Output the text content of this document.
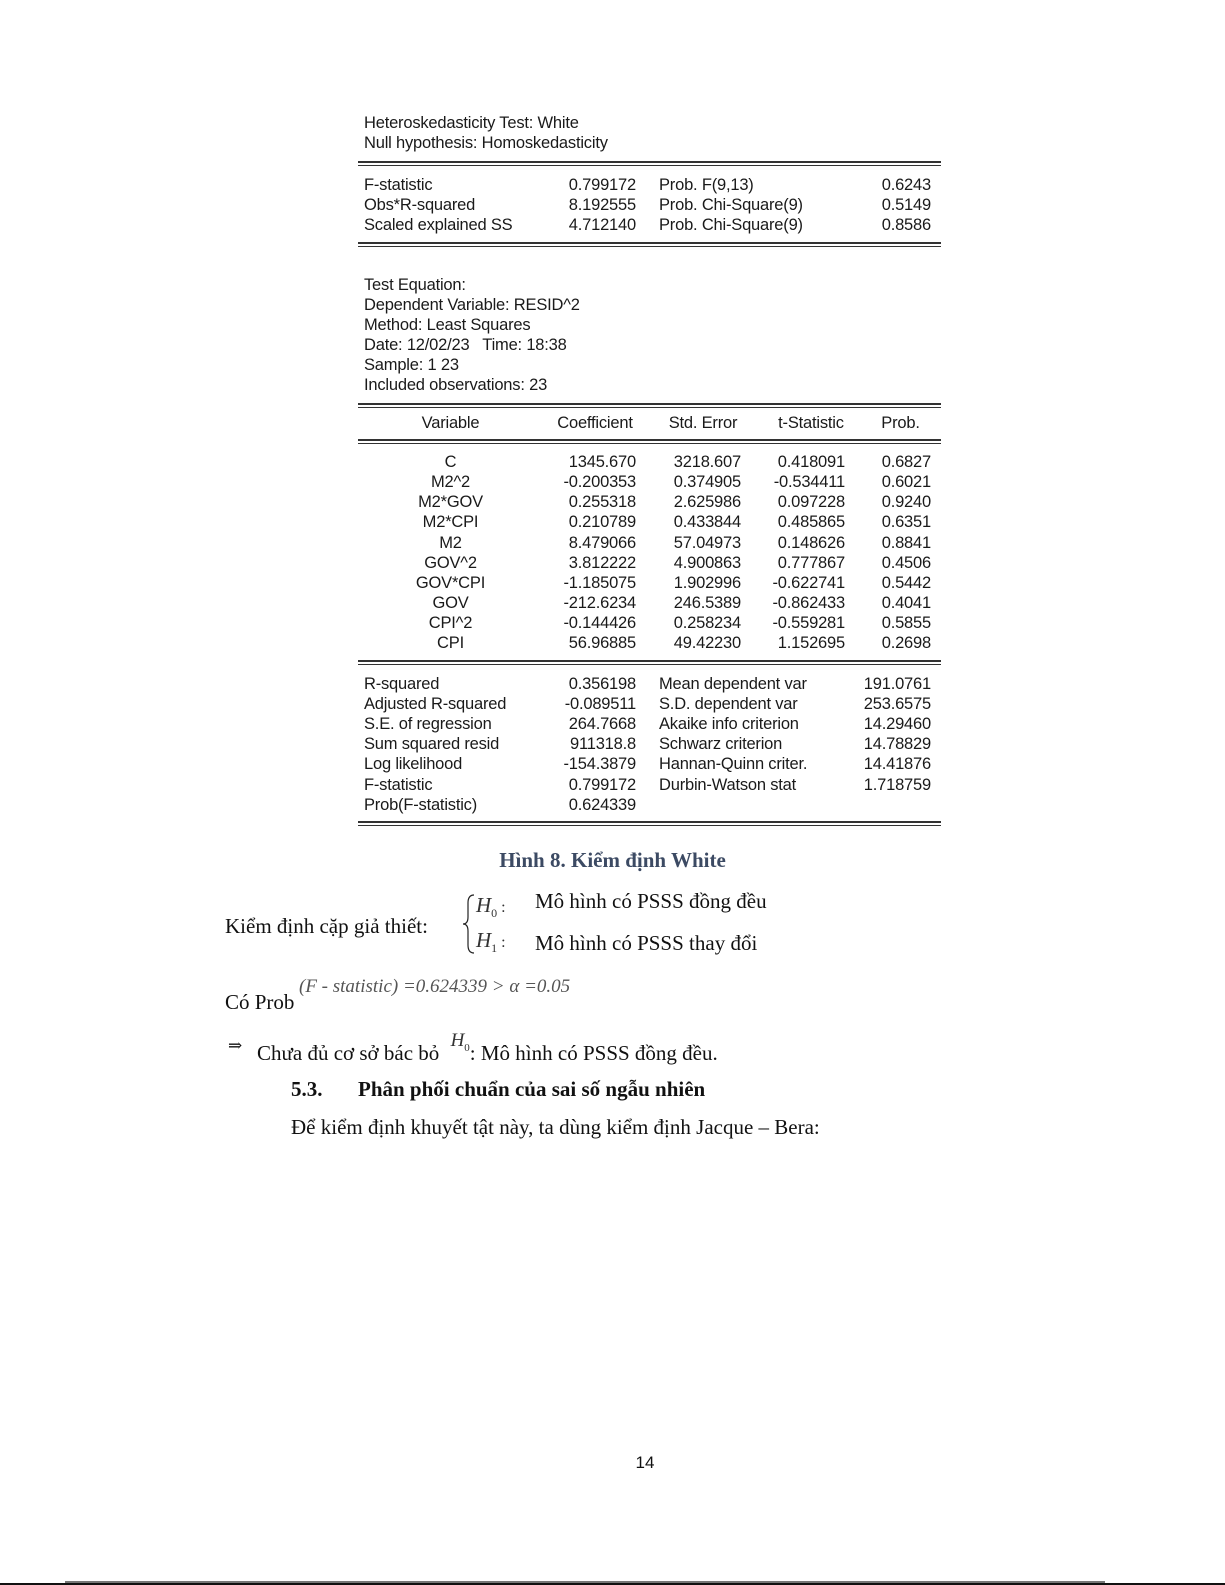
Heteroskedasticity Test: White
Null hypothesis: Homoskedasticity
F-statistic	0.799172 Prob. F(9,13)	0.6243
Obs*R-squared	8.192555 Prob. Chi-Square(9)	0.5149
Scaled explained SS	4.712140 Prob. Chi-Square(9)	0.8586
Test Equation:
Dependent Variable: RESID^2
Method: Least Squares
Date: 12/02/23   Time: 18:38
Sample: 1 23
Included observations: 23
Variable	Coefficient	Std. Error	t-Statistic	Prob.
C	1345.670 3218.607 0.418091 0.6827
M2^2	-0.200353 0.374905 -0.534411 0.6021
M2*GOV	0.255318 2.625986 0.097228 0.9240
M2*CPI	0.210789 0.433844 0.485865 0.6351
M2	8.479066 57.04973 0.148626 0.8841
GOV^2	3.812222 4.900863 0.777867 0.4506
GOV*CPI	-1.185075 1.902996 -0.622741 0.5442
GOV	-212.6234 246.5389 -0.862433 0.4041
CPI^2	-0.144426 0.258234 -0.559281 0.5855
CPI	56.96885 49.42230 1.152695 0.2698
R-squared	0.356198 Mean dependent var	191.0761
Adjusted R-squared	-0.089511 S.D. dependent var	253.6575
S.E. of regression	264.7668 Akaike info criterion	14.29460
Sum squared resid	911318.8 Schwarz criterion	14.78829
Log likelihood	-154.3879 Hannan-Quinn criter.	14.41876
F-statistic	0.799172 Durbin-Watson stat	1.718759
Prob(F-statistic)	0.624339
Hình 8. Kiểm định White
Kiểm định cặp giả thiết:
$H_0$ : Mô hình có PSSS đồng đều
$H_1$ : Mô hình có PSSS thay đổi
Có Prob
(F - statistic) =0.624339 > α =0.05
⇒ Chưa đủ cơ sở bác bỏ $H_0$: Mô hình có PSSS đồng đều.
5.3. Phân phối chuẩn của sai số ngẫu nhiên
Để kiểm định khuyết tật này, ta dùng kiểm định Jacque – Bera:
14
